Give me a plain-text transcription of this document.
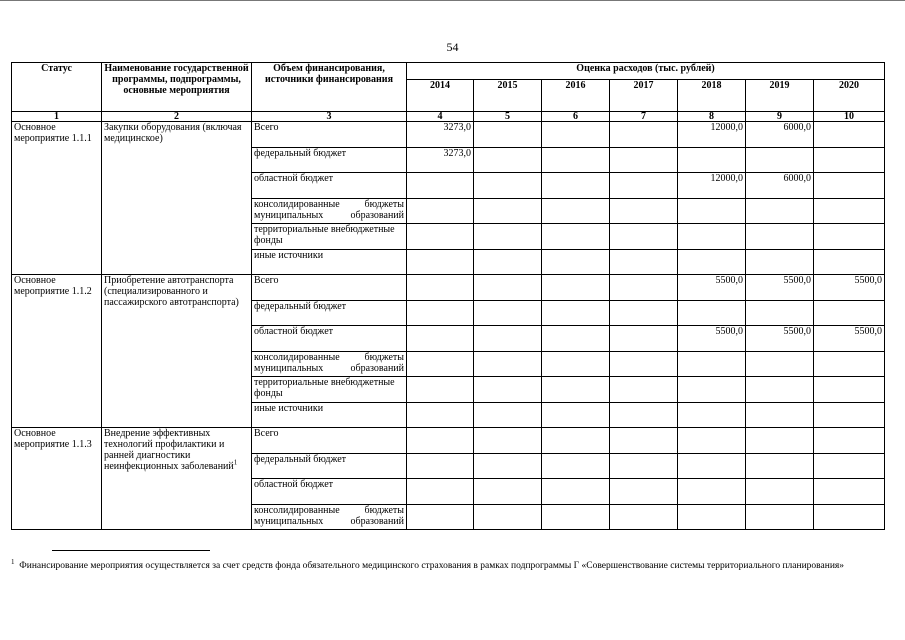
54
Статус	Наименование государственной программы, подпрограммы, основные мероприятия	Объем финансирования, источники финансирования	Оценка расходов (тыс. рублей)						
			2014	2015	2016	2017	2018	2019	2020
1	2	3	4	5	6	7	8	9	10
Основное мероприятие 1.1.1	Закупки оборудования (включая медицинское)	Всего	3273,0				12000,0	6000,0	
		федеральный бюджет	3273,0						
		областной бюджет					12000,0	6000,0	
		консолидированные бюджеты муниципальных образований							
		территориальные внебюджетные фонды							
		иные источники							
Основное мероприятие 1.1.2	Приобретение автотранспорта (специализированного и пассажирского автотранспорта)	Всего					5500,0	5500,0	5500,0
		федеральный бюджет							
		областной бюджет					5500,0	5500,0	5500,0
		консолидированные бюджеты муниципальных образований							
		территориальные внебюджетные фонды							
		иные источники							
Основное мероприятие 1.1.3	Внедрение эффективных технологий профилактики и ранней диагностики неинфекционных заболеваний$^1$	Всего							
		федеральный бюджет							
		областной бюджет							
		консолидированные бюджеты муниципальных образований							
$^1$ Финансирование мероприятия осуществляется за счет средств фонда обязательного медицинского страхования в рамках подпрограммы Г «Совершенствование системы территориального планирования»
